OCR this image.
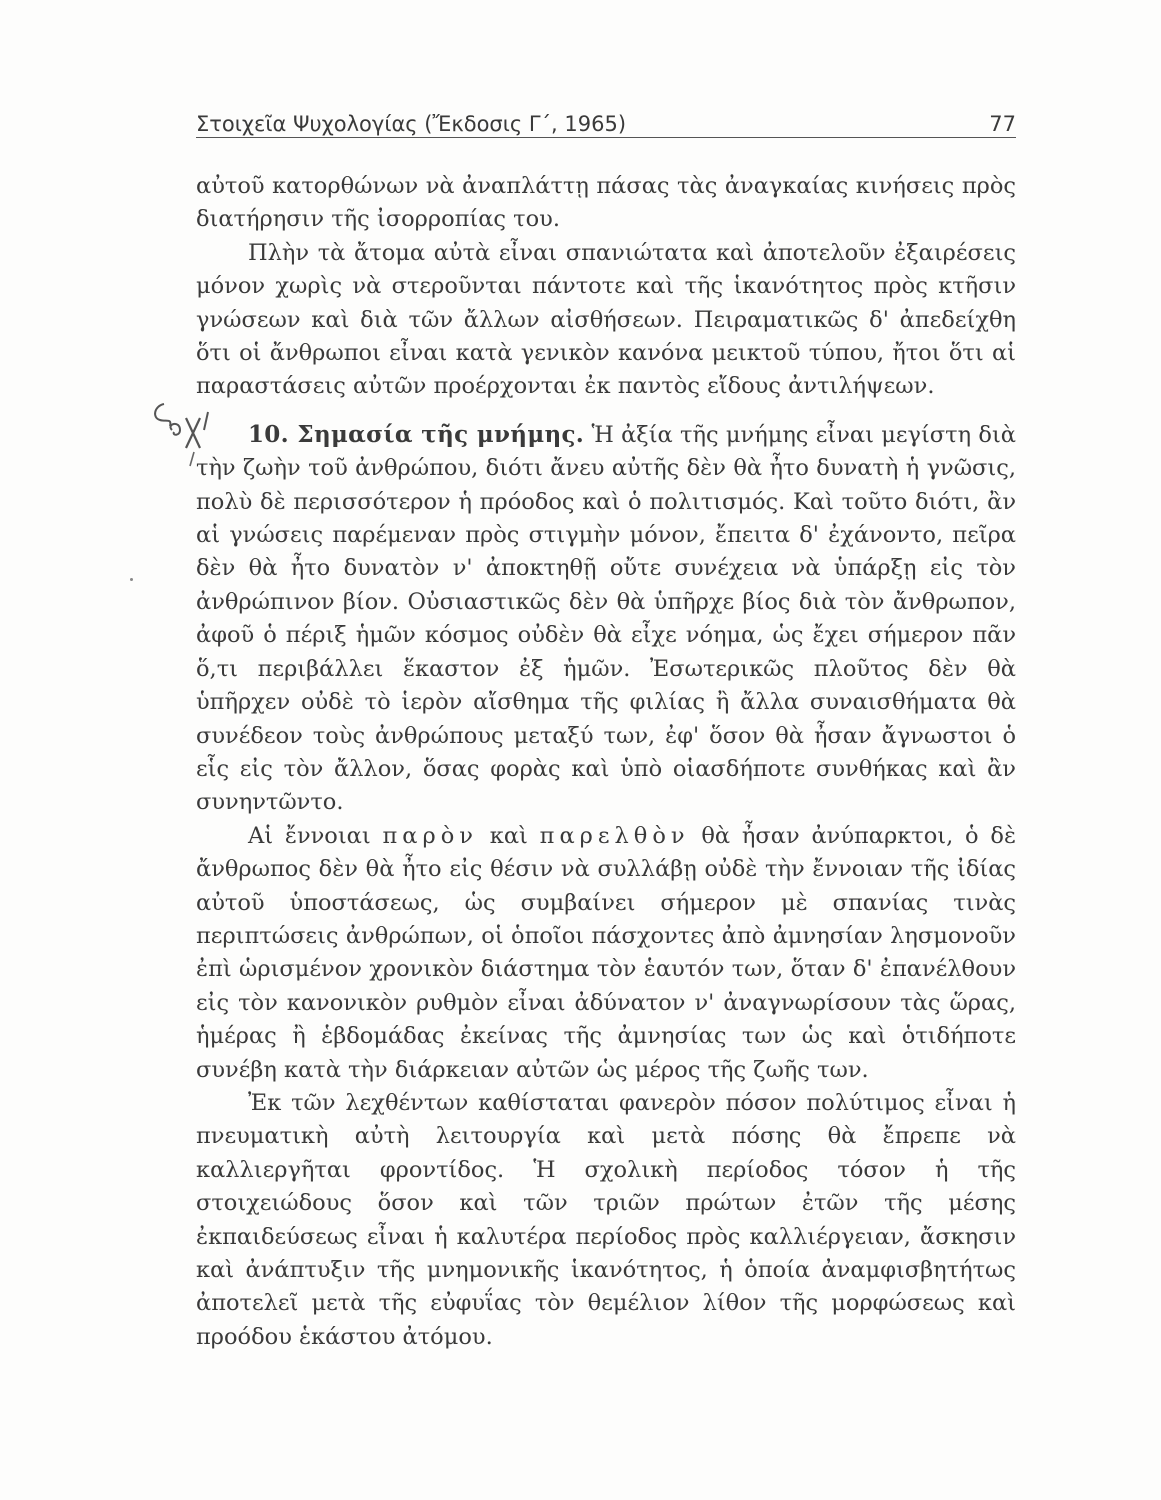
Στοιχεῖα Ψυχολογίας (Ἔκδοσις Γ΄, 1965)	77

αὐτοῦ κατορθώνων νὰ ἀναπλάττῃ πάσας τὰς ἀναγκαίας κινήσεις πρὸς διατήρησιν τῆς ἰσορροπίας του.

Πλὴν τὰ ἄτομα αὐτὰ εἶναι σπανιώτατα καὶ ἀποτελοῦν ἐξαιρέσεις μόνον χωρὶς νὰ στεροῦνται πάντοτε καὶ τῆς ἱκανότητος πρὸς κτῆσιν γνώσεων καὶ διὰ τῶν ἄλλων αἰσθήσεων. Πειραματικῶς δ' ἀπεδείχθη ὅτι οἱ ἄνθρωποι εἶναι κατὰ γενικὸν κανόνα μεικτοῦ τύπου, ἤτοι ὅτι αἱ παραστάσεις αὐτῶν προέρχονται ἐκ παντὸς εἴδους ἀντιλήψεων.

10. Σημασία τῆς μνήμης. Ἡ ἀξία τῆς μνήμης εἶναι μεγίστη διὰ τὴν ζωὴν τοῦ ἀνθρώπου, διότι ἄνευ αὐτῆς δὲν θὰ ἦτο δυνατὴ ἡ γνῶσις, πολὺ δὲ περισσότερον ἡ πρόοδος καὶ ὁ πολιτισμός. Καὶ τοῦτο διότι, ἂν αἱ γνώσεις παρέμεναν πρὸς στιγμὴν μόνον, ἔπειτα δ' ἐχάνοντο, πεῖρα δὲν θὰ ἦτο δυνατὸν ν' ἀποκτηθῇ οὔτε συνέχεια νὰ ὑπάρξῃ εἰς τὸν ἀνθρώπινον βίον. Οὐσιαστικῶς δὲν θὰ ὑπῆρχε βίος διὰ τὸν ἄνθρωπον, ἀφοῦ ὁ πέριξ ἡμῶν κόσμος οὐδὲν θὰ εἶχε νόημα, ὡς ἔχει σήμερον πᾶν ὅ,τι περιβάλλει ἕκαστον ἐξ ἡμῶν. Ἐσωτερικῶς πλοῦτος δὲν θὰ ὑπῆρχεν οὐδὲ τὸ ἱερὸν αἴσθημα τῆς φιλίας ἢ ἄλλα συναισθήματα θὰ συνέδεον τοὺς ἀνθρώπους μεταξύ των, ἐφ' ὅσον θὰ ἦσαν ἄγνωστοι ὁ εἷς εἰς τὸν ἄλλον, ὅσας φορὰς καὶ ὑπὸ οἱασδήποτε συνθήκας καὶ ἂν συνηντῶντο.

Αἱ ἔννοιαι παρὸν καὶ παρελθὸν θὰ ἦσαν ἀνύπαρκτοι, ὁ δὲ ἄνθρωπος δὲν θὰ ἦτο εἰς θέσιν νὰ συλλάβῃ οὐδὲ τὴν ἔννοιαν τῆς ἰδίας αὐτοῦ ὑποστάσεως, ὡς συμβαίνει σήμερον μὲ σπανίας τινὰς περιπτώσεις ἀνθρώπων, οἱ ὁποῖοι πάσχοντες ἀπὸ ἀμνησίαν λησμονοῦν ἐπὶ ὡρισμένον χρονικὸν διάστημα τὸν ἑαυτόν των, ὅταν δ' ἐπανέλθουν εἰς τὸν κανονικὸν ρυθμὸν εἶναι ἀδύνατον ν' ἀναγνωρίσουν τὰς ὥρας, ἡμέρας ἢ ἑβδομάδας ἐκείνας τῆς ἀμνησίας των ὡς καὶ ὁτιδήποτε συνέβη κατὰ τὴν διάρκειαν αὐτῶν ὡς μέρος τῆς ζωῆς των.

Ἐκ τῶν λεχθέντων καθίσταται φανερὸν πόσον πολύτιμος εἶναι ἡ πνευματικὴ αὐτὴ λειτουργία καὶ μετὰ πόσης θὰ ἔπρεπε νὰ καλλιεργῆται φροντίδος. Ἡ σχολικὴ περίοδος τόσον ἡ τῆς στοιχειώδους ὅσον καὶ τῶν τριῶν πρώτων ἐτῶν τῆς μέσης ἐκπαιδεύσεως εἶναι ἡ καλυτέρα περίοδος πρὸς καλλιέργειαν, ἄσκησιν καὶ ἀνάπτυξιν τῆς μνημονικῆς ἱκανότητος, ἡ ὁποία ἀναμφισβητήτως ἀποτελεῖ μετὰ τῆς εὐφυΐας τὸν θεμέλιον λίθον τῆς μορφώσεως καὶ προόδου ἑκάστου ἀτόμου.
